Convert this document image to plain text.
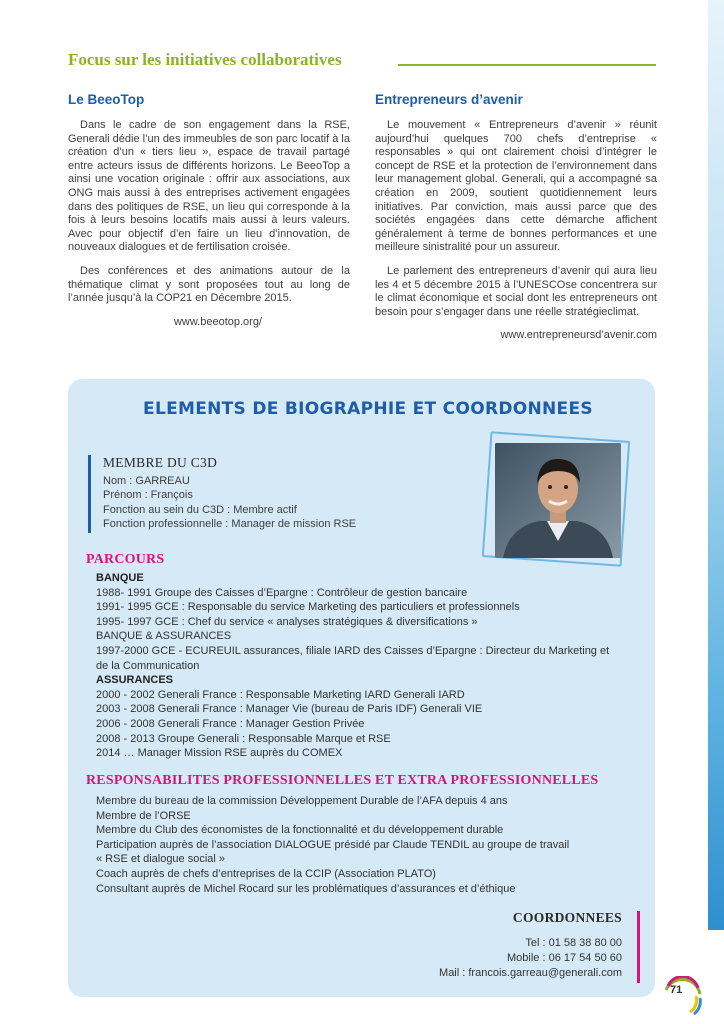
Focus sur les initiatives collaboratives
Le BeeoTop

Dans le cadre de son engagement dans la RSE, Generali dédie l’un des immeubles de son parc locatif à la création d’un « tiers lieu », espace de travail partagé entre acteurs issus de différents horizons. Le BeeoTop a ainsi une vocation originale : offrir aux associations, aux ONG mais aussi à des entreprises activement engagées dans des politiques de RSE, un lieu qui corresponde à la fois à leurs besoins locatifs mais aussi à leurs valeurs. Avec pour objectif d’en faire un lieu d’innovation, de nouveaux dialogues et de fertilisation croisée.

Des conférences et des animations autour de la thématique climat y sont proposées tout au long de l’année jusqu’à la COP21 en Décembre 2015.

www.beeotop.org/
Entrepreneurs d’avenir

Le mouvement « Entrepreneurs d’avenir » réunit aujourd’hui quelques 700 chefs d’entreprise « responsables » qui ont clairement choisi d’intégrer le concept de RSE et la protection de l’environnement dans leur management global. Generali, qui a accompagné sa création en 2009, soutient quotidiennement leurs initiatives. Par conviction, mais aussi parce que des sociétés engagées dans cette démarche affichent généralement à terme de bonnes performances et une meilleure sinistralité pour un assureur.

Le parlement des entrepreneurs d’avenir qui aura lieu les 4 et 5 décembre 2015 à l’UNESCOse concentrera sur le climat économique et social dont les entrepreneurs ont besoin pour s’engager dans une réelle stratégieclimat.

www.entrepreneursd’avenir.com
ELEMENTS DE BIOGRAPHIE ET COORDONNEES
MEMBRE DU C3D
Nom : GARREAU
Prénom : François
Fonction au sein du C3D : Membre actif
Fonction professionnelle : Manager de mission RSE
PARCOURS
BANQUE
1988- 1991 Groupe des Caisses d’Epargne : Contrôleur de gestion bancaire
1991- 1995 GCE : Responsable du service Marketing des particuliers et professionnels
1995- 1997 GCE : Chef du service « analyses stratégiques & diversifications »
BANQUE & ASSURANCES
1997-2000 GCE - ECUREUIL assurances, filiale IARD des Caisses d’Epargne : Directeur du Marketing et
de la Communication
ASSURANCES
2000 - 2002 Generali France : Responsable Marketing IARD Generali IARD
2003 - 2008 Generali France : Manager Vie (bureau de Paris IDF) Generali VIE
2006 - 2008 Generali France : Manager Gestion Privée
2008 - 2013 Groupe Generali : Responsable Marque et RSE
2014 … Manager Mission RSE auprès du COMEX
RESPONSABILITES PROFESSIONNELLES ET EXTRA PROFESSIONNELLES
Membre du bureau de la commission Développement Durable de l’AFA depuis 4 ans
Membre de l’ORSE
Membre du Club des économistes de la fonctionnalité et du développement durable
Participation auprès de l’association DIALOGUE présidé par Claude TENDIL au groupe de travail
« RSE et dialogue social »
Coach auprès de chefs d’entreprises de la CCIP (Association PLATO)
Consultant auprès de Michel Rocard sur les problématiques d’assurances et d’éthique
COORDONNEES
Tel : 01 58 38 80 00
Mobile : 06 17 54 50 60
Mail : francois.garreau@generali.com
71
